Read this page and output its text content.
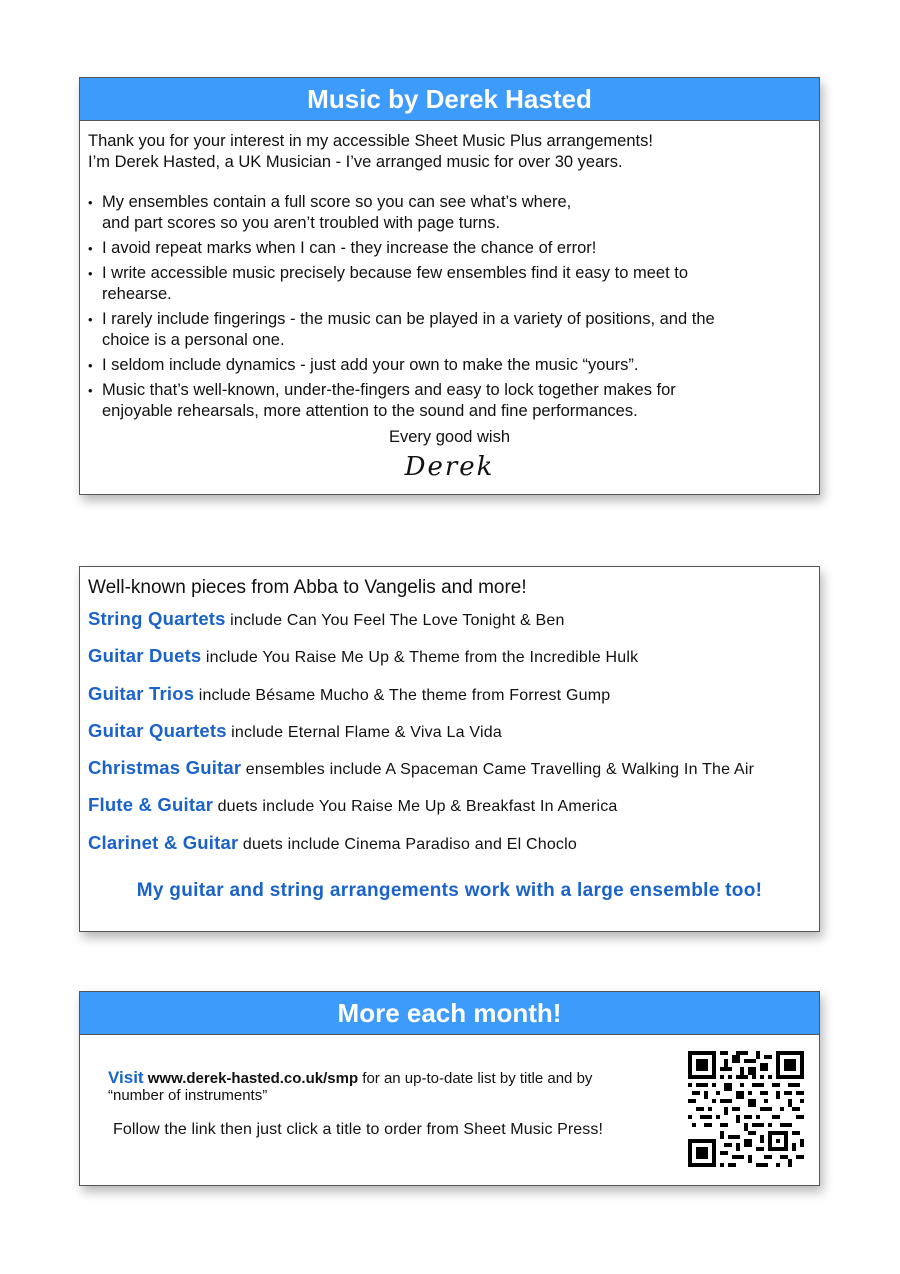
Music by Derek Hasted
Thank you for your interest in my accessible Sheet Music Plus arrangements!
I’m Derek Hasted, a UK Musician - I’ve arranged music for over 30 years.
• My ensembles contain a full score so you can see what’s where,
and part scores so you aren’t troubled with page turns.
• I avoid repeat marks when I can - they increase the chance of error!
• I write accessible music precisely because few ensembles find it easy to meet to
rehearse.
• I rarely include fingerings - the music can be played in a variety of positions, and the
choice is a personal one.
• I seldom include dynamics - just add your own to make the music “yours”.
• Music that’s well-known, under-the-fingers and easy to lock together makes for
enjoyable rehearsals, more attention to the sound and fine performances.
Every good wish
Derek
Well-known pieces from Abba to Vangelis and more!
String Quartets include Can You Feel The Love Tonight & Ben
Guitar Duets include You Raise Me Up & Theme from the Incredible Hulk
Guitar Trios include Bésame Mucho & The theme from Forrest Gump
Guitar Quartets include Eternal Flame & Viva La Vida
Christmas Guitar ensembles include A Spaceman Came Travelling & Walking In The Air
Flute & Guitar duets include You Raise Me Up & Breakfast In America
Clarinet & Guitar duets include Cinema Paradiso and El Choclo
My guitar and string arrangements work with a large ensemble too!
More each month!
Visit www.derek-hasted.co.uk/smp for an up-to-date list by title and by
“number of instruments”
Follow the link then just click a title to order from Sheet Music Press!
